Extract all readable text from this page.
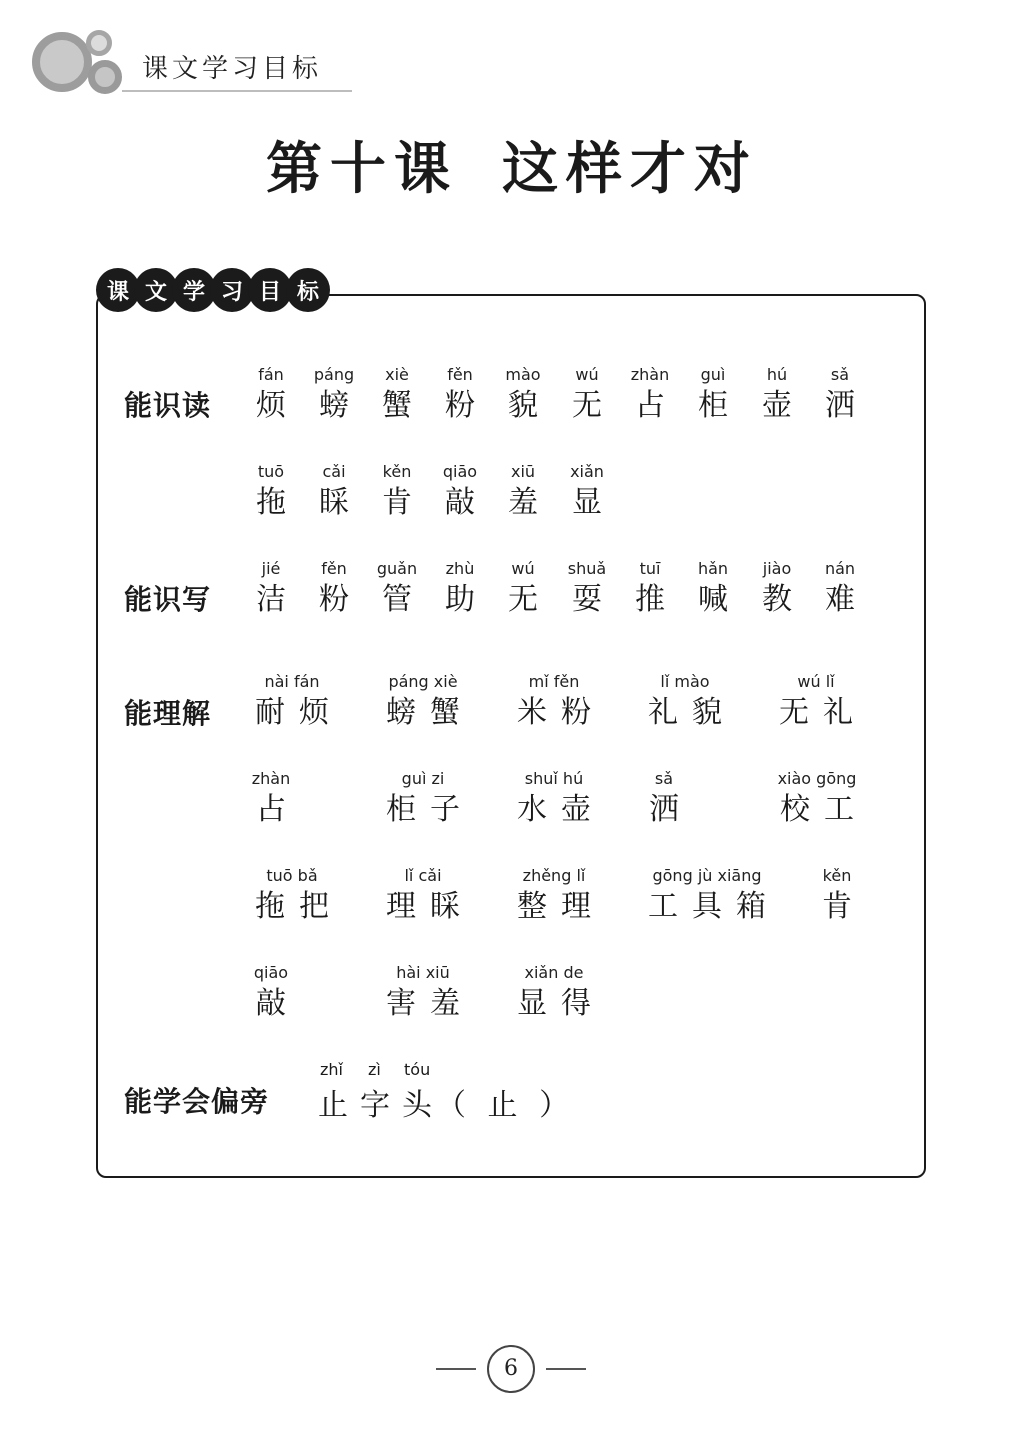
课文学习目标
第十课 这样才对
课 文 学 习 目 标
能识读
能识写
能理解
能学会偏旁
fán
烦
páng
螃
xiè
蟹
fěn
粉
mào
貌
wú
无
zhàn
占
guì
柜
hú
壶
sǎ
洒
tuō
拖
cǎi
睬
kěn
肯
qiāo
敲
xiū
羞
xiǎn
显
jié
洁
fěn
粉
guǎn
管
zhù
助
wú
无
shuǎ
耍
tuī
推
hǎn
喊
jiào
教
nán
难
nài fán
耐烦
páng xiè
螃蟹
mǐ fěn
米粉
lǐ mào
礼貌
wú lǐ
无礼
zhàn
占
guì zi
柜子
shuǐ hú
水壶
sǎ
洒
xiào gōng
校工
tuō bǎ
拖把
lǐ cǎi
理睬
zhěng lǐ
整理
gōng jù xiāng
工具箱
kěn
肯
qiāo
敲
hài xiū
害羞
xiǎn de
显得
zhǐ zì tóu
止 字 头 （ 止 ）
6
